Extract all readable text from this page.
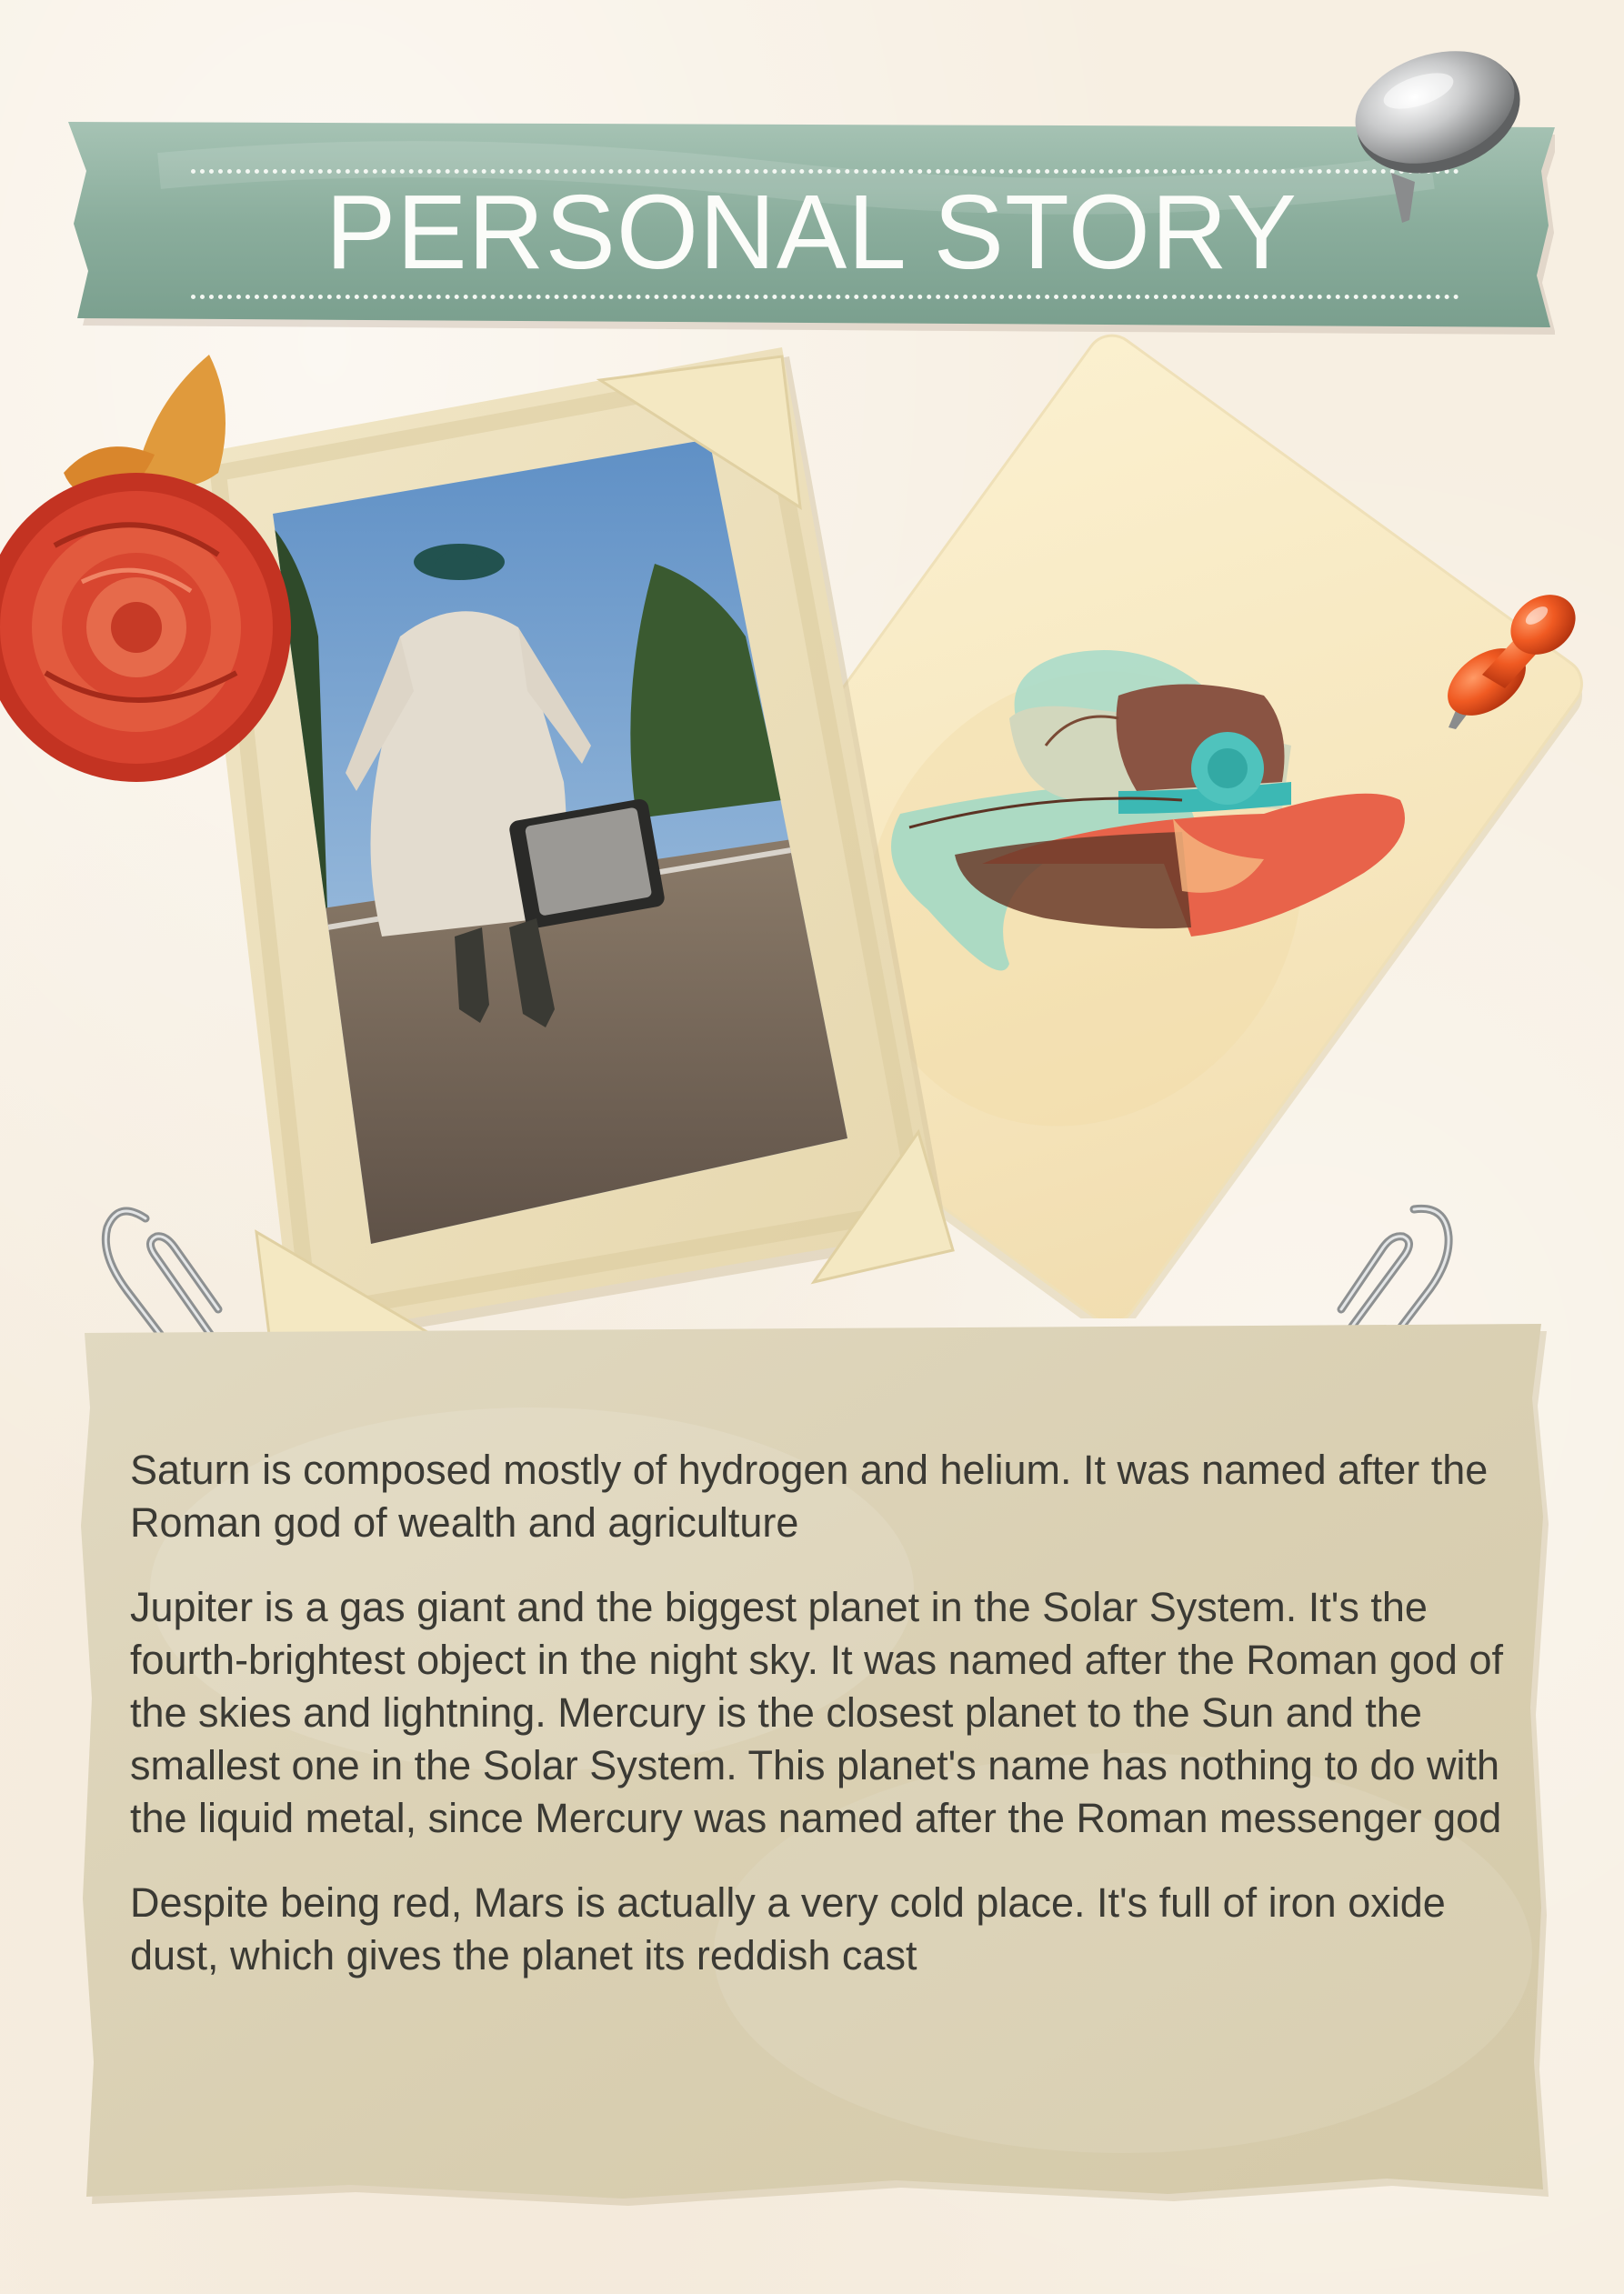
PERSONAL STORY

Saturn is composed mostly of hydrogen and helium. It was named after the Roman god of wealth and agriculture

Jupiter is a gas giant and the biggest planet in the Solar System. It's the fourth-brightest object in the night sky. It was named after the Roman god of the skies and lightning. Mercury is the closest planet to the Sun and the smallest one in the Solar System. This planet's name has nothing to do with the liquid metal, since Mercury was named after the Roman messenger god

Despite being red, Mars is actually a very cold place. It's full of iron oxide dust, which gives the planet its reddish cast
